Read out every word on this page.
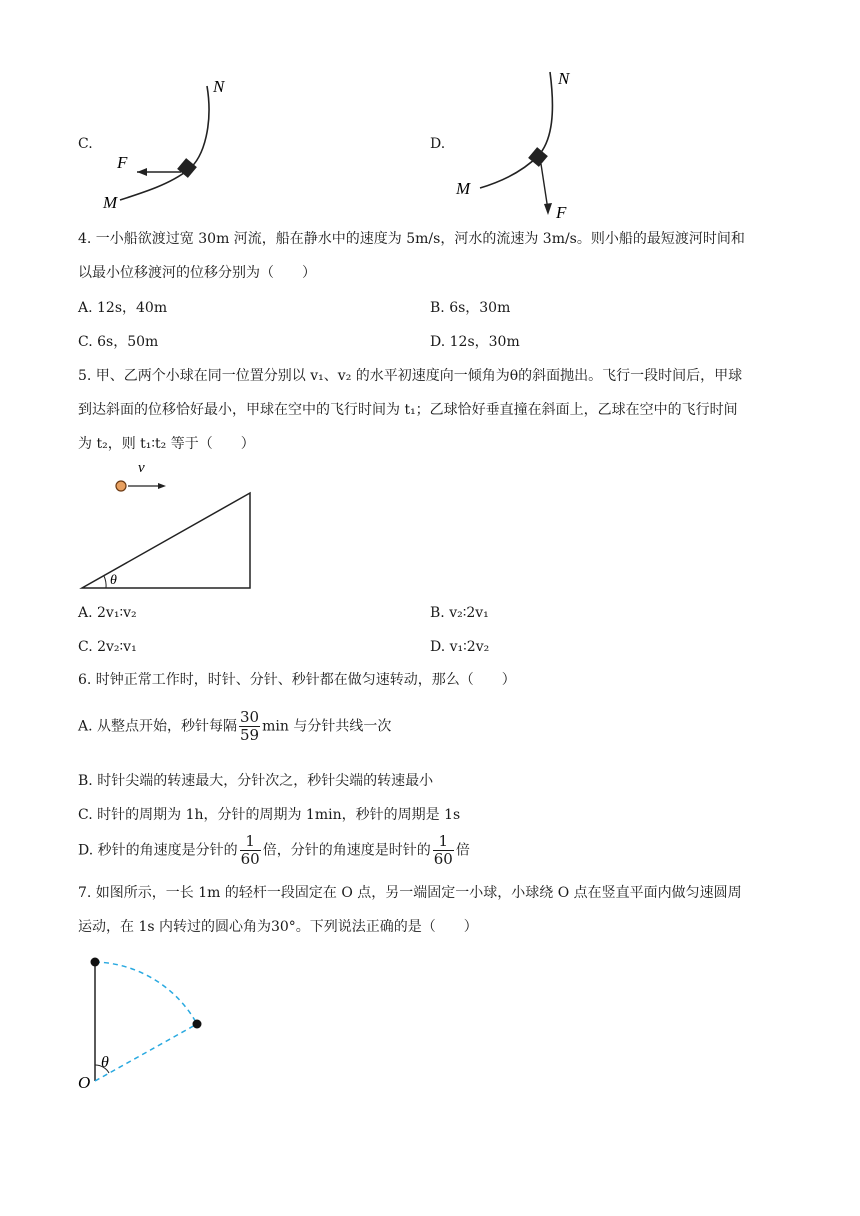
C.
N
F
M
D.
N
M
F
4. 一小船欲渡过宽 30m 河流，船在静水中的速度为 5m/s，河水的流速为 3m/s。则小船的最短渡河时间和
以最小位移渡河的位移分别为（　　）
A. 12s，40m	B. 6s，30m
C. 6s，50m	D. 12s，30m
5. 甲、乙两个小球在同一位置分别以 v₁、v₂ 的水平初速度向一倾角为θ的斜面抛出。飞行一段时间后，甲球
到达斜面的位移恰好最小，甲球在空中的飞行时间为 t₁；乙球恰好垂直撞在斜面上，乙球在空中的飞行时间
为 t₂，则 t₁∶t₂ 等于（　　）
v
θ
A. 2v₁∶v₂	B. v₂∶2v₁
C. 2v₂∶v₁	D. v₁∶2v₂
6. 时钟正常工作时，时针、分针、秒针都在做匀速转动，那么（　　）
A. 从整点开始，秒针每隔 $\frac{30}{59}$ min 与分针共线一次
B. 时针尖端的转速最大，分针次之，秒针尖端的转速最小
C. 时针的周期为 1h，分针的周期为 1min，秒针的周期是 1s
D. 秒针的角速度是分针的 $\frac{1}{60}$ 倍，分针的角速度是时针的 $\frac{1}{60}$ 倍
7. 如图所示，一长 1m 的轻杆一段固定在 O 点，另一端固定一小球，小球绕 O 点在竖直平面内做匀速圆周
运动，在 1s 内转过的圆心角为30°。下列说法正确的是（　　）
θ
O
